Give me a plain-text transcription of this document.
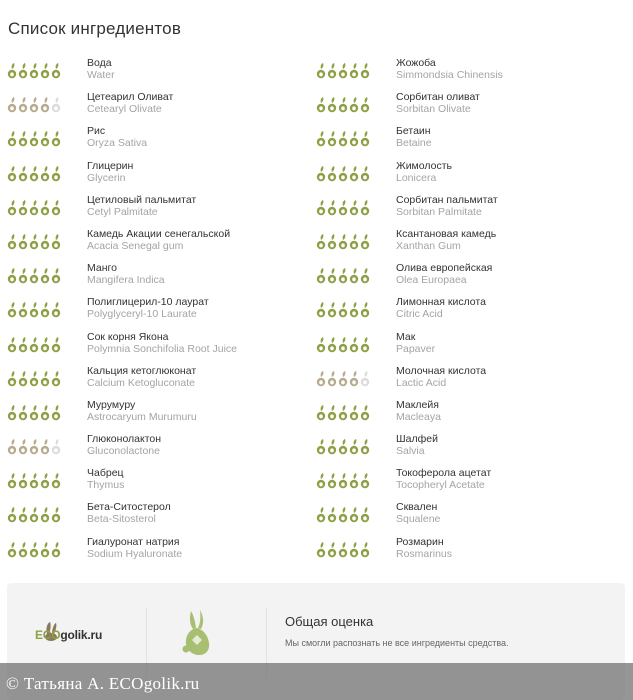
Список ингредиентов
Вода
Water
Жожоба
Simmondsia Chinensis
Цетеарил Оливат
Cetearyl Olivate
Сорбитан оливат
Sorbitan Olivate
Рис
Oryza Sativa
Бетаин
Betaine
Глицерин
Glycerin
Жимолость
Lonicera
Цетиловый пальмитат
Cetyl Palmitate
Сорбитан пальмитат
Sorbitan Palmitate
Камедь Акации сенегальской
Acacia Senegal gum
Ксантановая камедь
Xanthan Gum
Манго
Mangifera Indica
Олива европейская
Olea Europaea
Полиглицерил-10 лаурат
Polyglyceryl-10 Laurate
Лимонная кислота
Citric Acid
Сок корня Якона
Polymnia Sonchifolia Root Juice
Мак
Papaver
Кальция кетоглюконат
Calcium Ketogluconate
Молочная кислота
Lactic Acid
Мурумуру
Astrocaryum Murumuru
Маклейя
Macleaya
Глюконолактон
Gluconolactone
Шалфей
Salvia
Чабрец
Thymus
Токоферола ацетат
Tocopheryl Acetate
Бета-Ситостерол
Beta-Sitosterol
Сквален
Squalene
Гиалуронат натрия
Sodium Hyaluronate
Розмарин
Rosmarinus
ECOgolik.ru
Общая оценка
Мы смогли распознать не все ингредиенты средства.
© Татьяна А. ECOgolik.ru
